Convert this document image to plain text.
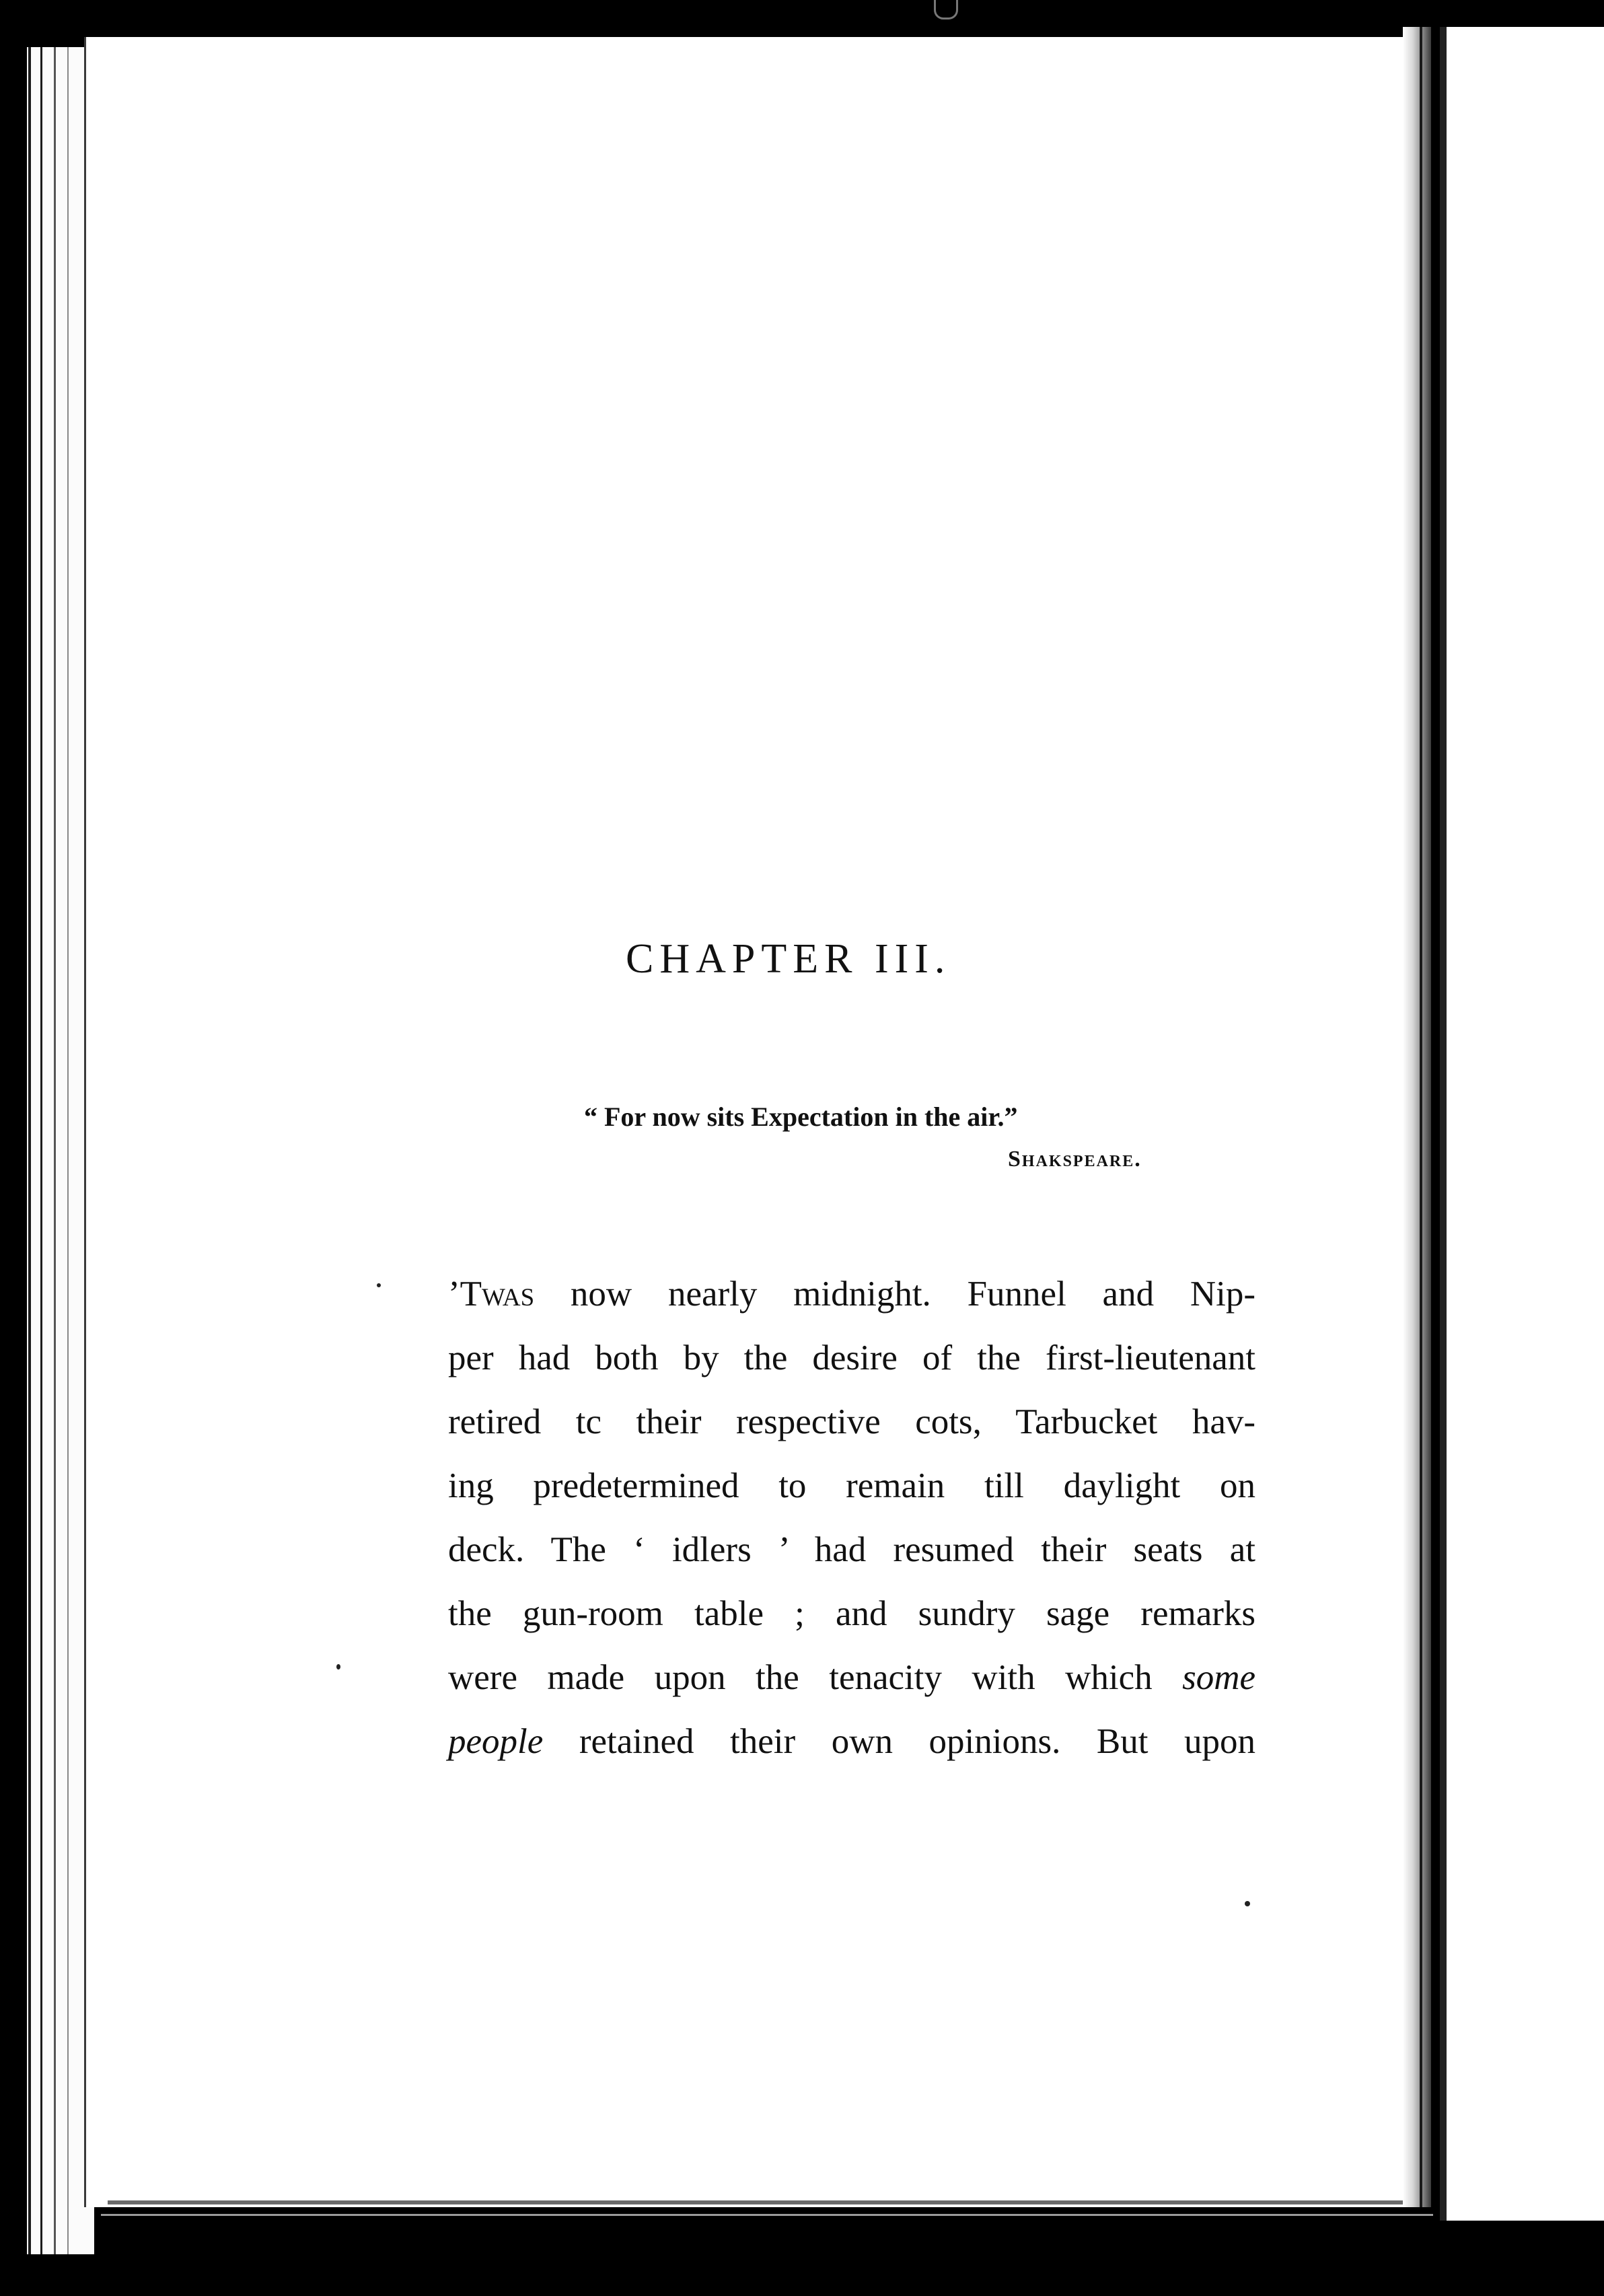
CHAPTER III.
“ For now sits Expectation in the air.”
Shakspeare.
’Twas now nearly midnight. Funnel and Nip-
per had both by the desire of the first-lieutenant
retired tc their respective cots, Tarbucket hav-
ing predetermined to remain till daylight on
deck. The ‘ idlers ’ had resumed their seats at
the gun-room table ; and sundry sage remarks
were made upon the tenacity with which some
people retained their own opinions. But upon
